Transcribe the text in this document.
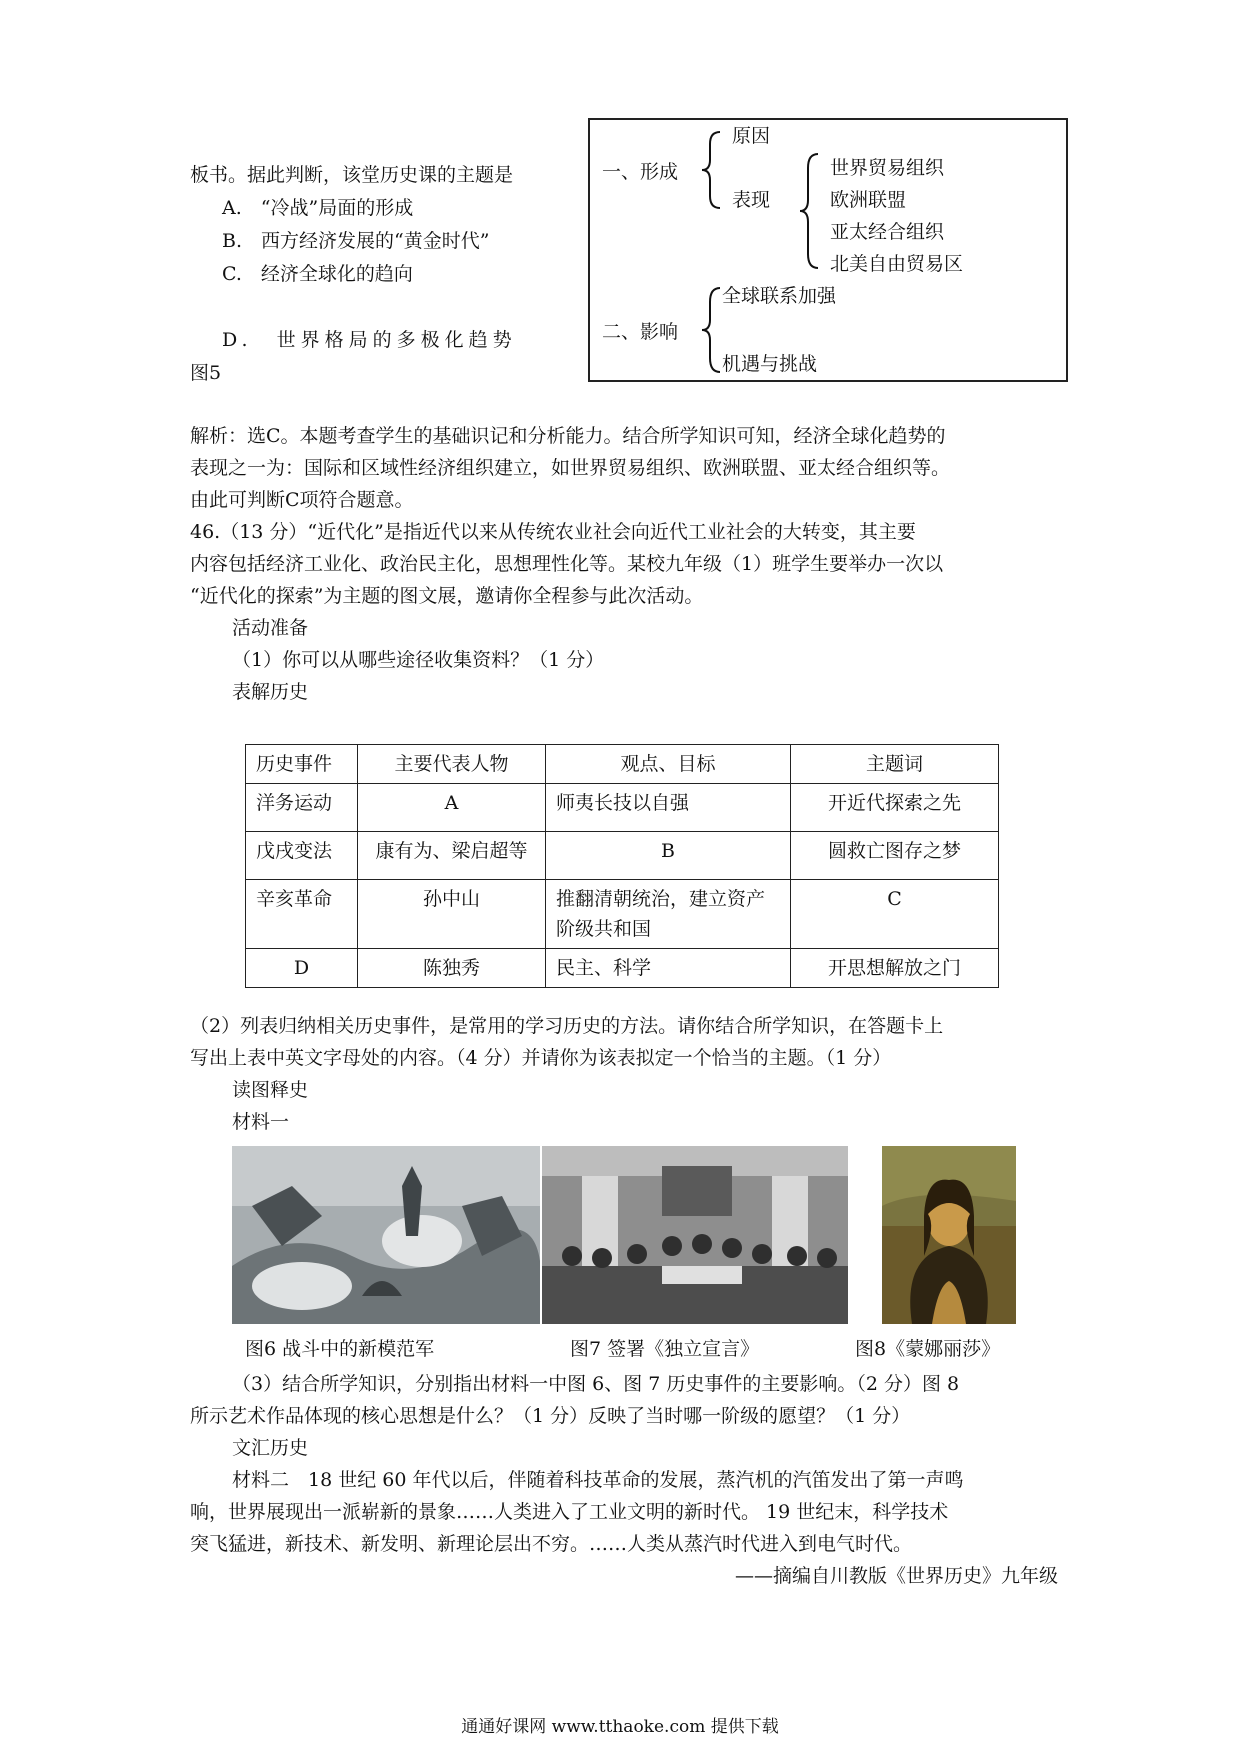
板书。据此判断，该堂历史课的主题是
A.　“冷战”局面的形成
B.　西方经济发展的“黄金时代”
C.　经济全球化的趋向
D.　世界格局的多极化趋势
图5
一、形成
原因
表现
世界贸易组织
欧洲联盟
亚太经合组织
北美自由贸易区
二、影响
全球联系加强
机遇与挑战
解析：选C。本题考查学生的基础识记和分析能力。结合所学知识可知，经济全球化趋势的
表现之一为：国际和区域性经济组织建立，如世界贸易组织、欧洲联盟、亚太经合组织等。
由此可判断C项符合题意。
46.（13 分）“近代化”是指近代以来从传统农业社会向近代工业社会的大转变，其主要
内容包括经济工业化、政治民主化，思想理性化等。某校九年级（1）班学生要举办一次以
“近代化的探索”为主题的图文展，邀请你全程参与此次活动。
活动准备
（1）你可以从哪些途径收集资料？（1 分）
表解历史
历史事件	主要代表人物	观点、目标	主题词
洋务运动	A	师夷长技以自强	开近代探索之先
戊戌变法	康有为、梁启超等	B	圆救亡图存之梦
辛亥革命	孙中山	推翻清朝统治，建立资产阶级共和国	C
D	陈独秀	民主、科学	开思想解放之门
（2）列表归纳相关历史事件，是常用的学习历史的方法。请你结合所学知识，在答题卡上
写出上表中英文字母处的内容。（4 分）并请你为该表拟定一个恰当的主题。（1 分）
读图释史
材料一
图6 战斗中的新模范军	图7 签署《独立宣言》	图8《蒙娜丽莎》
（3）结合所学知识，分别指出材料一中图 6、图 7 历史事件的主要影响。（2 分）图 8
所示艺术作品体现的核心思想是什么？（1 分）反映了当时哪一阶级的愿望？（1 分）
文汇历史
材料二　18 世纪 60 年代以后，伴随着科技革命的发展，蒸汽机的汽笛发出了第一声鸣
响，世界展现出一派崭新的景象……人类进入了工业文明的新时代。 19 世纪末，科学技术
突飞猛进，新技术、新发明、新理论层出不穷。……人类从蒸汽时代进入到电气时代。
——摘编自川教版《世界历史》九年级
通通好课网 www.tthaoke.com 提供下载
